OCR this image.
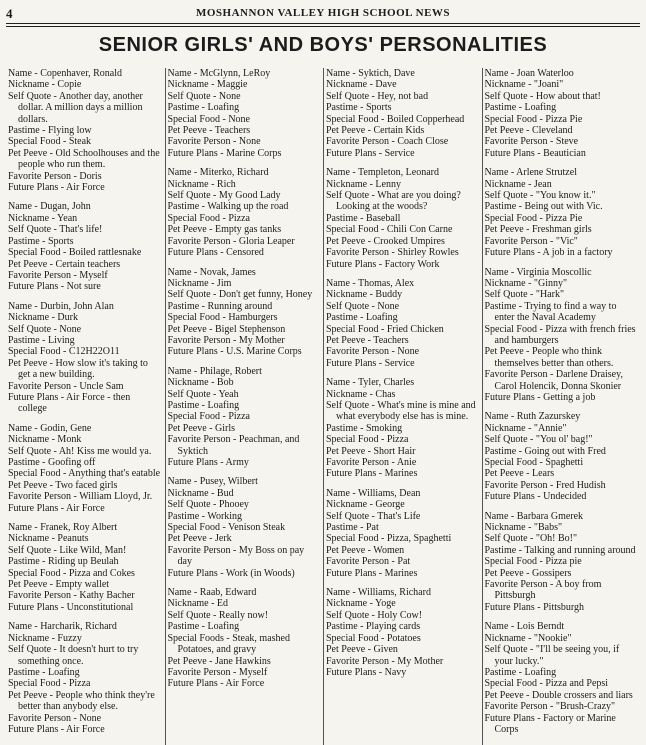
4	MOSHANNON VALLEY HIGH SCHOOL NEWS
SENIOR GIRLS' AND BOYS' PERSONALITIES
Name - Copenhaver, Ronald
Nickname - Copie
Self Quote - Another day, another dollar. A million days a million dollars.
Pastime - Flying low
Special Food - Steak
Pet Peeve - Old Schoolhouses and the people who run them.
Favorite Person - Doris
Future Plans - Air Force
Name - Dugan, John
Nickname - Yean
Self Quote - That's life!
Pastime - Sports
Special Food - Boiled rattlesnake
Pet Peeve - Certain teachers
Favorite Person - Myself
Future Plans - Not sure
Name - Durbin, John Alan
Nickname - Durk
Self Quote - None
Pastime - Living
Special Food - C12H22O11
Pet Peeve - How slow it's taking to get a new building.
Favorite Person - Uncle Sam
Future Plans - Air Force - then college
Name - Godin, Gene
Nickname - Monk
Self Quote - Ah! Kiss me would ya.
Pastime - Goofing off
Special Food - Anything that's eatable
Pet Peeve - Two faced girls
Favorite Person - William Lloyd, Jr.
Future Plans - Air Force
Name - Franek, Roy Albert
Nickname - Peanuts
Self Quote - Like Wild, Man!
Pastime - Riding up Beulah
Special Food - Pizza and Cokes
Pet Peeve - Empty wallet
Favorite Person - Kathy Bacher
Future Plans - Unconstitutional
Name - Harcharik, Richard
Nickname - Fuzzy
Self Quote - It doesn't hurt to try something once.
Pastime - Loafing
Special Food - Pizza
Pet Peeve - People who think they're better than anybody else.
Favorite Person - None
Future Plans - Air Force
Name - McGlynn, LeRoy
Nickname - Maggie
Self Quote - None
Pastime - Loafing
Special Food - None
Pet Peeve - Teachers
Favorite Person - None
Future Plans - Marine Corps
Name - Miterko, Richard
Nickname - Rich
Self Quote - My Good Lady
Pastime - Walking up the road
Special Food - Pizza
Pet Peeve - Empty gas tanks
Favorite Person - Gloria Leaper
Future Plans - Censored
Name - Novak, James
Nickname - Jim
Self Quote - Don't get funny, Honey
Pastime - Running around
Special Food - Hamburgers
Pet Peeve - Bigel Stephenson
Favorite Person - My Mother
Future Plans - U.S. Marine Corps
Name - Philage, Robert
Nickname - Bob
Self Quote - Yeah
Pastime - Loafing
Special Food - Pizza
Pet Peeve - Girls
Favorite Person - Peachman, and Syktich
Future Plans - Army
Name - Pusey, Wilbert
Nickname - Bud
Self Quote - Phooey
Pastime - Working
Special Food - Venison Steak
Pet Peeve - Jerk
Favorite Person - My Boss on pay day
Future Plans - Work (in Woods)
Name - Raab, Edward
Nickname - Ed
Self Quote - Really now!
Pastime - Loafing
Special Foods - Steak, mashed Potatoes, and gravy
Pet Peeve - Jane Hawkins
Favorite Person - Myself
Future Plans - Air Force
Name - Syktich, Dave
Nickname - Dave
Self Quote - Hey, not bad
Pastime - Sports
Special Food - Boiled Copperhead
Pet Peeve - Certain Kids
Favorite Person - Coach Close
Future Plans - Service
Name - Templeton, Leonard
Nickname - Lenny
Self Quote - What are you doing? Looking at the woods?
Pastime - Baseball
Special Food - Chili Con Carne
Pet Peeve - Crooked Umpires
Favorite Person - Shirley Rowles
Future Plans - Factory Work
Name - Thomas, Alex
Nickname - Buddy
Self Quote - None
Pastime - Loafing
Special Food - Fried Chicken
Pet Peeve - Teachers
Favorite Person - None
Future Plans - Service
Name - Tyler, Charles
Nickname - Chas
Self Quote - What's mine is mine and what everybody else has is mine.
Pastime - Smoking
Special Food - Pizza
Pet Peeve - Short Hair
Favorite Person - Anie
Future Plans - Marines
Name - Williams, Dean
Nickname - George
Self Quote - That's Life
Pastime - Pat
Special Food - Pizza, Spaghetti
Pet Peeve - Women
Favorite Person - Pat
Future Plans - Marines
Name - Williams, Richard
Nickname - Yoge
Self Quote - Holy Cow!
Pastime - Playing cards
Special Food - Potatoes
Pet Peeve - Given
Favorite Person - My Mother
Future Plans - Navy
Name - Joan Waterloo
Nickname - "Joani"
Self Quote - How about that!
Pastime - Loafing
Special Food - Pizza Pie
Pet Peeve - Cleveland
Favorite Person - Steve
Future Plans - Beautician
Name - Arlene Strutzel
Nickname - Jean
Self Quote - "You know it."
Pastime - Being out with Vic.
Special Food - Pizza Pie
Pet Peeve - Freshman girls
Favorite Person - "Vic"
Future Plans - A job in a factory
Name - Virginia Moscollic
Nickname - "Ginny"
Self Quote - "Hark"
Pastime - Trying to find a way to enter the Naval Academy
Special Food - Pizza with french fries and hamburgers
Pet Peeve - People who think themselves better than others.
Favorite Person - Darlene Draisey, Carol Holencik, Donna Skonier
Future Plans - Getting a job
Name - Ruth Zazurskey
Nickname - "Annie"
Self Quote - "You ol' bag!"
Pastime - Going out with Fred
Special Food - Spaghetti
Pet Peeve - Lears
Favorite Person - Fred Hudish
Future Plans - Undecided
Name - Barbara Gmerek
Nickname - "Babs"
Self Quote - "Oh! Bo!"
Pastime - Talking and running around
Special Food - Pizza pie
Pet Peeve - Gossipers
Favorite Person - A boy from Pittsburgh
Future Plans - Pittsburgh
Name - Lois Berndt
Nickname - "Nookie"
Self Quote - "I'll be seeing you, if your lucky."
Pastime - Loafing
Special Food - Pizza and Pepsi
Pet Peeve - Double crossers and liars
Favorite Person - "Brush-Crazy"
Future Plans - Factory or Marine Corps
